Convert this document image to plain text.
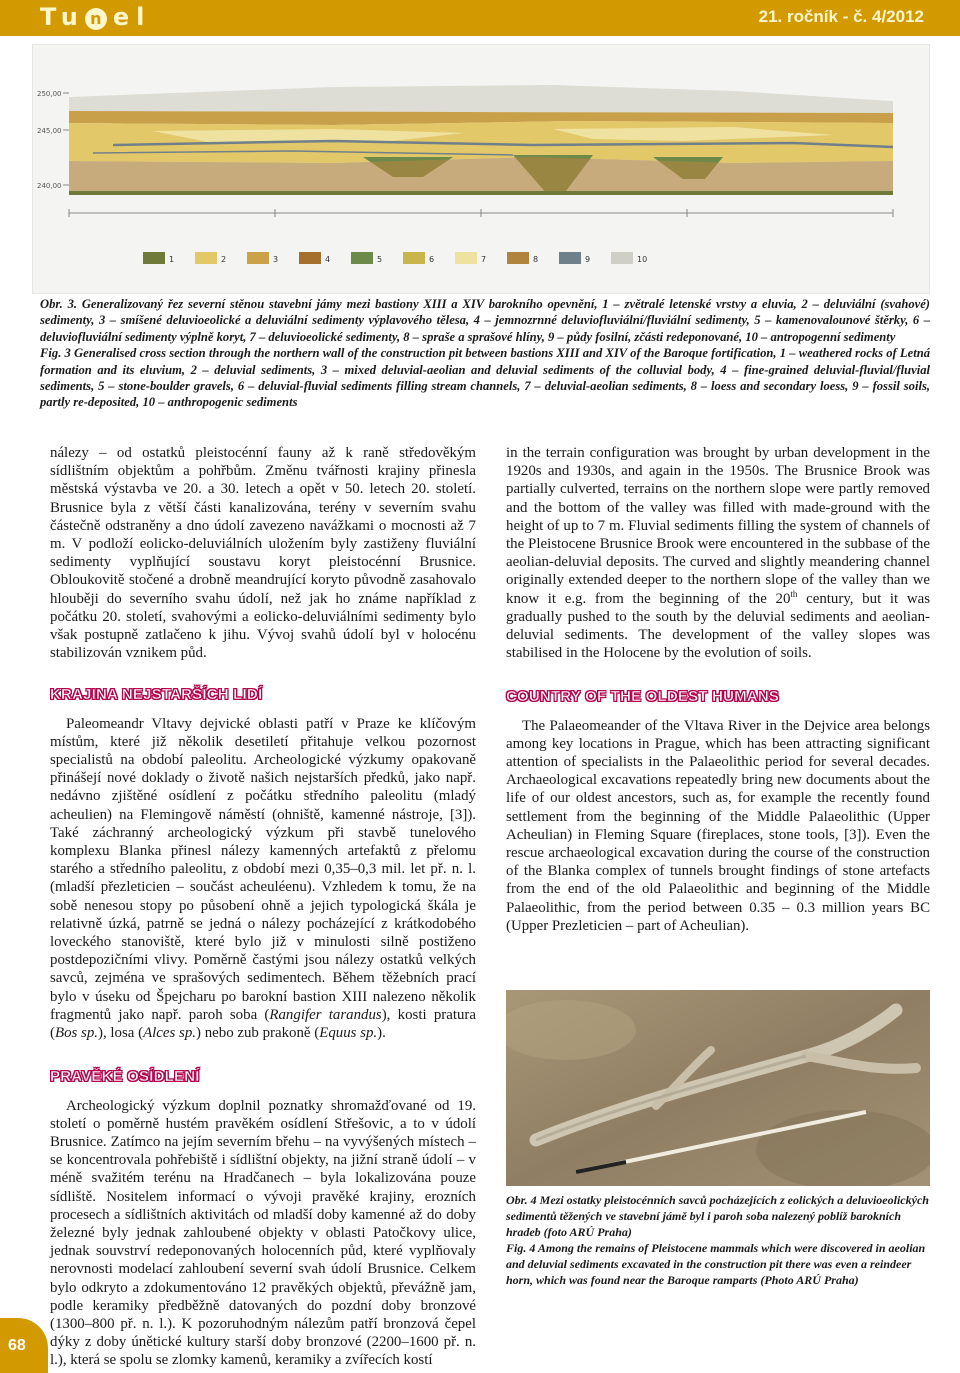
Tu n el	21. ročník - č. 4/2012
250,00
245,00
240,00
1	2	3	4	5	6	7	8	9	10

Obr. 3. Generalizovaný řez severní stěnou stavební jámy mezi bastiony XIII a XIV barokního opevnění, 1 – zvětralé letenské vrstvy a eluvia, 2 – deluviální (svahové) sedimenty, 3 – smíšené deluvioeolické a deluviální sedimenty výplavového tělesa, 4 – jemnozrnné deluviofluviální/fluviální sedimenty, 5 – kamenovalounové štěrky, 6 – deluviofluviální sedimenty výplně koryt, 7 – deluvioeolické sedimenty, 8 – spraše a sprašové hlíny, 9 – půdy fosilní, zčásti redeponované, 10 – antropogenní sedimenty

Fig. 3 Generalised cross section through the northern wall of the construction pit between bastions XIII and XIV of the Baroque fortification, 1 – weathered rocks of Letná formation and its eluvium, 2 – deluvial sediments, 3 – mixed deluvial-aeolian and deluvial sediments of the colluvial body, 4 – fine-grained deluvial-fluvial/fluvial sediments, 5 – stone-boulder gravels, 6 – deluvial-fluvial sediments filling stream channels, 7 – deluvial-aeolian sediments, 8 – loess and secondary loess, 9 – fossil soils, partly re-deposited, 10 – anthropogenic sediments

nálezy – od ostatků pleistocénní fauny až k raně středověkým sídlištním objektům a pohřbům. Změnu tvářnosti krajiny přinesla městská výstavba ve 20. a 30. letech a opět v 50. letech 20. století. Brusnice byla z větší části kanalizována, terény v severním svahu částečně odstraněny a dno údolí zavezeno navážkami o mocnosti až 7 m. V podloží eolicko-deluviálních uložením byly zastiženy fluviální sedimenty vyplňující soustavu koryt pleistocénní Brusnice. Obloukovitě stočené a drobně meandrující koryto původně zasahovalo hlouběji do severního svahu údolí, než jak ho známe například z počátku 20. století, svahovými a eolicko-deluviálními sedimenty bylo však postupně zatlačeno k jihu. Vývoj svahů údolí byl v holocénu stabilizován vznikem půd.

KRAJINA NEJSTARŠÍCH LIDÍ

Paleomeandr Vltavy dejvické oblasti patří v Praze ke klíčovým místům, které již několik desetiletí přitahuje velkou pozornost specialistů na období paleolitu. Archeologické výzkumy opakovaně přinášejí nové doklady o životě našich nejstarších předků, jako např. nedávno zjištěné osídlení z počátku středního paleolitu (mladý acheulien) na Flemingově náměstí (ohniště, kamenné nástroje, [3]). Také záchranný archeologický výzkum při stavbě tunelového komplexu Blanka přinesl nálezy kamenných artefaktů z přelomu starého a středního paleolitu, z období mezi 0,35–0,3 mil. let př. n. l. (mladší přezleticien – součást acheuléenu). Vzhledem k tomu, že na sobě nenesou stopy po působení ohně a jejich typologická škála je relativně úzká, patrně se jedná o nálezy pocházející z krátkodobého loveckého stanoviště, které bylo již v minulosti silně postiženo postdepozičními vlivy. Poměrně častými jsou nálezy ostatků velkých savců, zejména ve sprašových sedimentech. Během těžebních prací bylo v úseku od Špejcharu po barokní bastion XIII nalezeno několik fragmentů jako např. paroh soba (Rangifer tarandus), kosti pratura (Bos sp.), losa (Alces sp.) nebo zub prakoně (Equus sp.).

PRAVĚKÉ OSÍDLENÍ

Archeologický výzkum doplnil poznatky shromažďované od 19. století o poměrně hustém pravěkém osídlení Střešovic, a to v údolí Brusnice. Zatímco na jejím severním břehu – na vyvýšených místech – se koncentrovala pohřebiště i sídlištní objekty, na jižní straně údolí – v méně svažitém terénu na Hradčanech – byla lokalizována pouze sídliště. Nositelem informací o vývoji pravěké krajiny, erozních procesech a sídlištních aktivitách od mladší doby kamenné až do doby železné byly jednak zahloubené objekty v oblasti Patočkovy ulice, jednak souvstrví redeponovaných holocenních půd, které vyplňovaly nerovnosti modelací zahloubení severní svah údolí Brusnice. Celkem bylo odkryto a zdokumentováno 12 pravěkých objektů, převážně jam, podle keramiky předběžně datovaných do pozdní doby bronzové (1300–800 př. n. l.). K pozoruhodným nálezům patří bronzová čepel dýky z doby únětické kultury starší doby bronzové (2200–1600 př. n. l.), která se spolu se zlomky kamenů, keramiky a zvířecích kostí

in the terrain configuration was brought by urban development in the 1920s and 1930s, and again in the 1950s. The Brusnice Brook was partially culverted, terrains on the northern slope were partly removed and the bottom of the valley was filled with made-ground with the height of up to 7 m. Fluvial sediments filling the system of channels of the Pleistocene Brusnice Brook were encountered in the subbase of the aeolian-deluvial deposits. The curved and slightly meandering channel originally extended deeper to the northern slope of the valley than we know it e.g. from the beginning of the 20th century, but it was gradually pushed to the south by the deluvial sediments and aeolian-deluvial sediments. The development of the valley slopes was stabilised in the Holocene by the evolution of soils.

COUNTRY OF THE OLDEST HUMANS

The Palaeomeander of the Vltava River in the Dejvice area belongs among key locations in Prague, which has been attracting significant attention of specialists in the Palaeolithic period for several decades. Archaeological excavations repeatedly bring new documents about the life of our oldest ancestors, such as, for example the recently found settlement from the beginning of the Middle Palaeolithic (Upper Acheulian) in Fleming Square (fireplaces, stone tools, [3]). Even the rescue archaeological excavation during the course of the construction of the Blanka complex of tunnels brought findings of stone artefacts from the end of the old Palaeolithic and beginning of the Middle Palaeolithic, from the period between 0.35 – 0.3 million years BC (Upper Prezleticien – part of Acheulian).

Obr. 4 Mezi ostatky pleistocénních savců pocházejících z eolických a deluvioeolických sedimentů těžených ve stavební jámě byl i paroh soba nalezený poblíž barokních hradeb (foto ARÚ Praha)

Fig. 4 Among the remains of Pleistocene mammals which were discovered in aeolian and deluvial sediments excavated in the construction pit there was even a reindeer horn, which was found near the Baroque ramparts (Photo ARÚ Praha)

68
